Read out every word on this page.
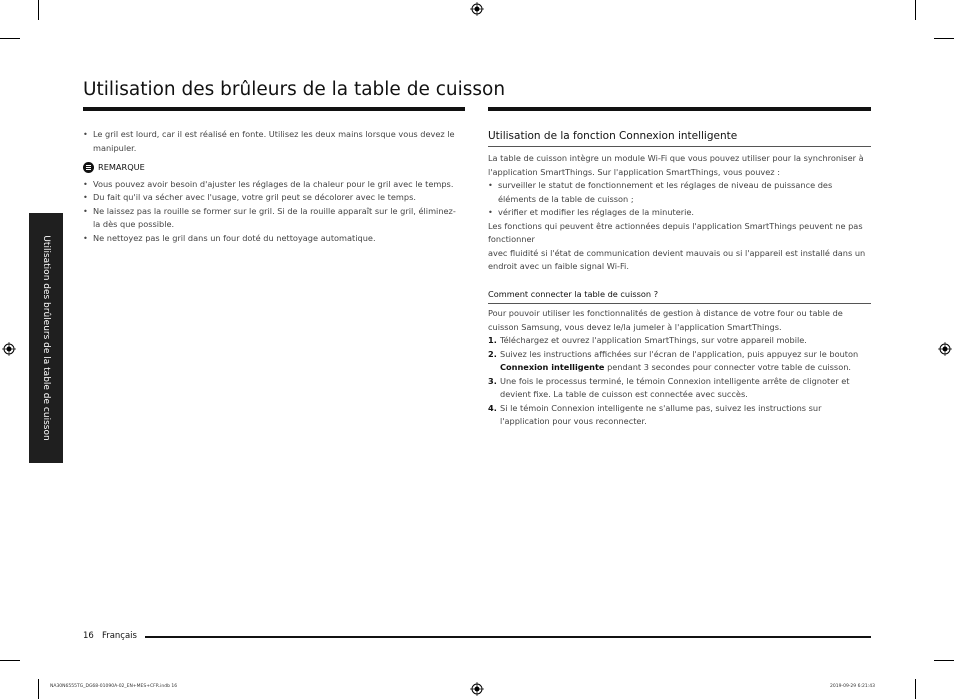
Utilisation des brûleurs de la table de cuisson
Utilisation des brûleurs de la table de cuisson

• Le gril est lourd, car il est réalisé en fonte. Utilisez les deux mains lorsque vous devez le manipuler.

REMARQUE

• Vous pouvez avoir besoin d'ajuster les réglages de la chaleur pour le gril avec le temps.

• Du fait qu'il va sécher avec l'usage, votre gril peut se décolorer avec le temps.

• Ne laissez pas la rouille se former sur le gril. Si de la rouille apparaît sur le gril, éliminez-la dès que possible.

• Ne nettoyez pas le gril dans un four doté du nettoyage automatique.

Utilisation de la fonction Connexion intelligente

La table de cuisson intègre un module Wi-Fi que vous pouvez utiliser pour la synchroniser à l'application SmartThings. Sur l'application SmartThings, vous pouvez :

• surveiller le statut de fonctionnement et les réglages de niveau de puissance des éléments de la table de cuisson ;

• vérifier et modifier les réglages de la minuterie.

Les fonctions qui peuvent être actionnées depuis l'application SmartThings peuvent ne pas fonctionner

avec fluidité si l'état de communication devient mauvais ou si l'appareil est installé dans un endroit avec un faible signal Wi-Fi.

Comment connecter la table de cuisson ?

Pour pouvoir utiliser les fonctionnalités de gestion à distance de votre four ou table de cuisson Samsung, vous devez le/la jumeler à l'application SmartThings.

1. Téléchargez et ouvrez l'application SmartThings, sur votre appareil mobile.

2. Suivez les instructions affichées sur l'écran de l'application, puis appuyez sur le bouton Connexion intelligente pendant 3 secondes pour connecter votre table de cuisson.

3. Une fois le processus terminé, le témoin Connexion intelligente arrête de clignoter et devient fixe. La table de cuisson est connectée avec succès.

4. Si le témoin Connexion intelligente ne s'allume pas, suivez les instructions sur l'application pour vous reconnecter.

16 Français
NA30N6555TG_DG68-01090A-02_EN+MES+CFR.indb 16	2019-09-29 6:21:43
